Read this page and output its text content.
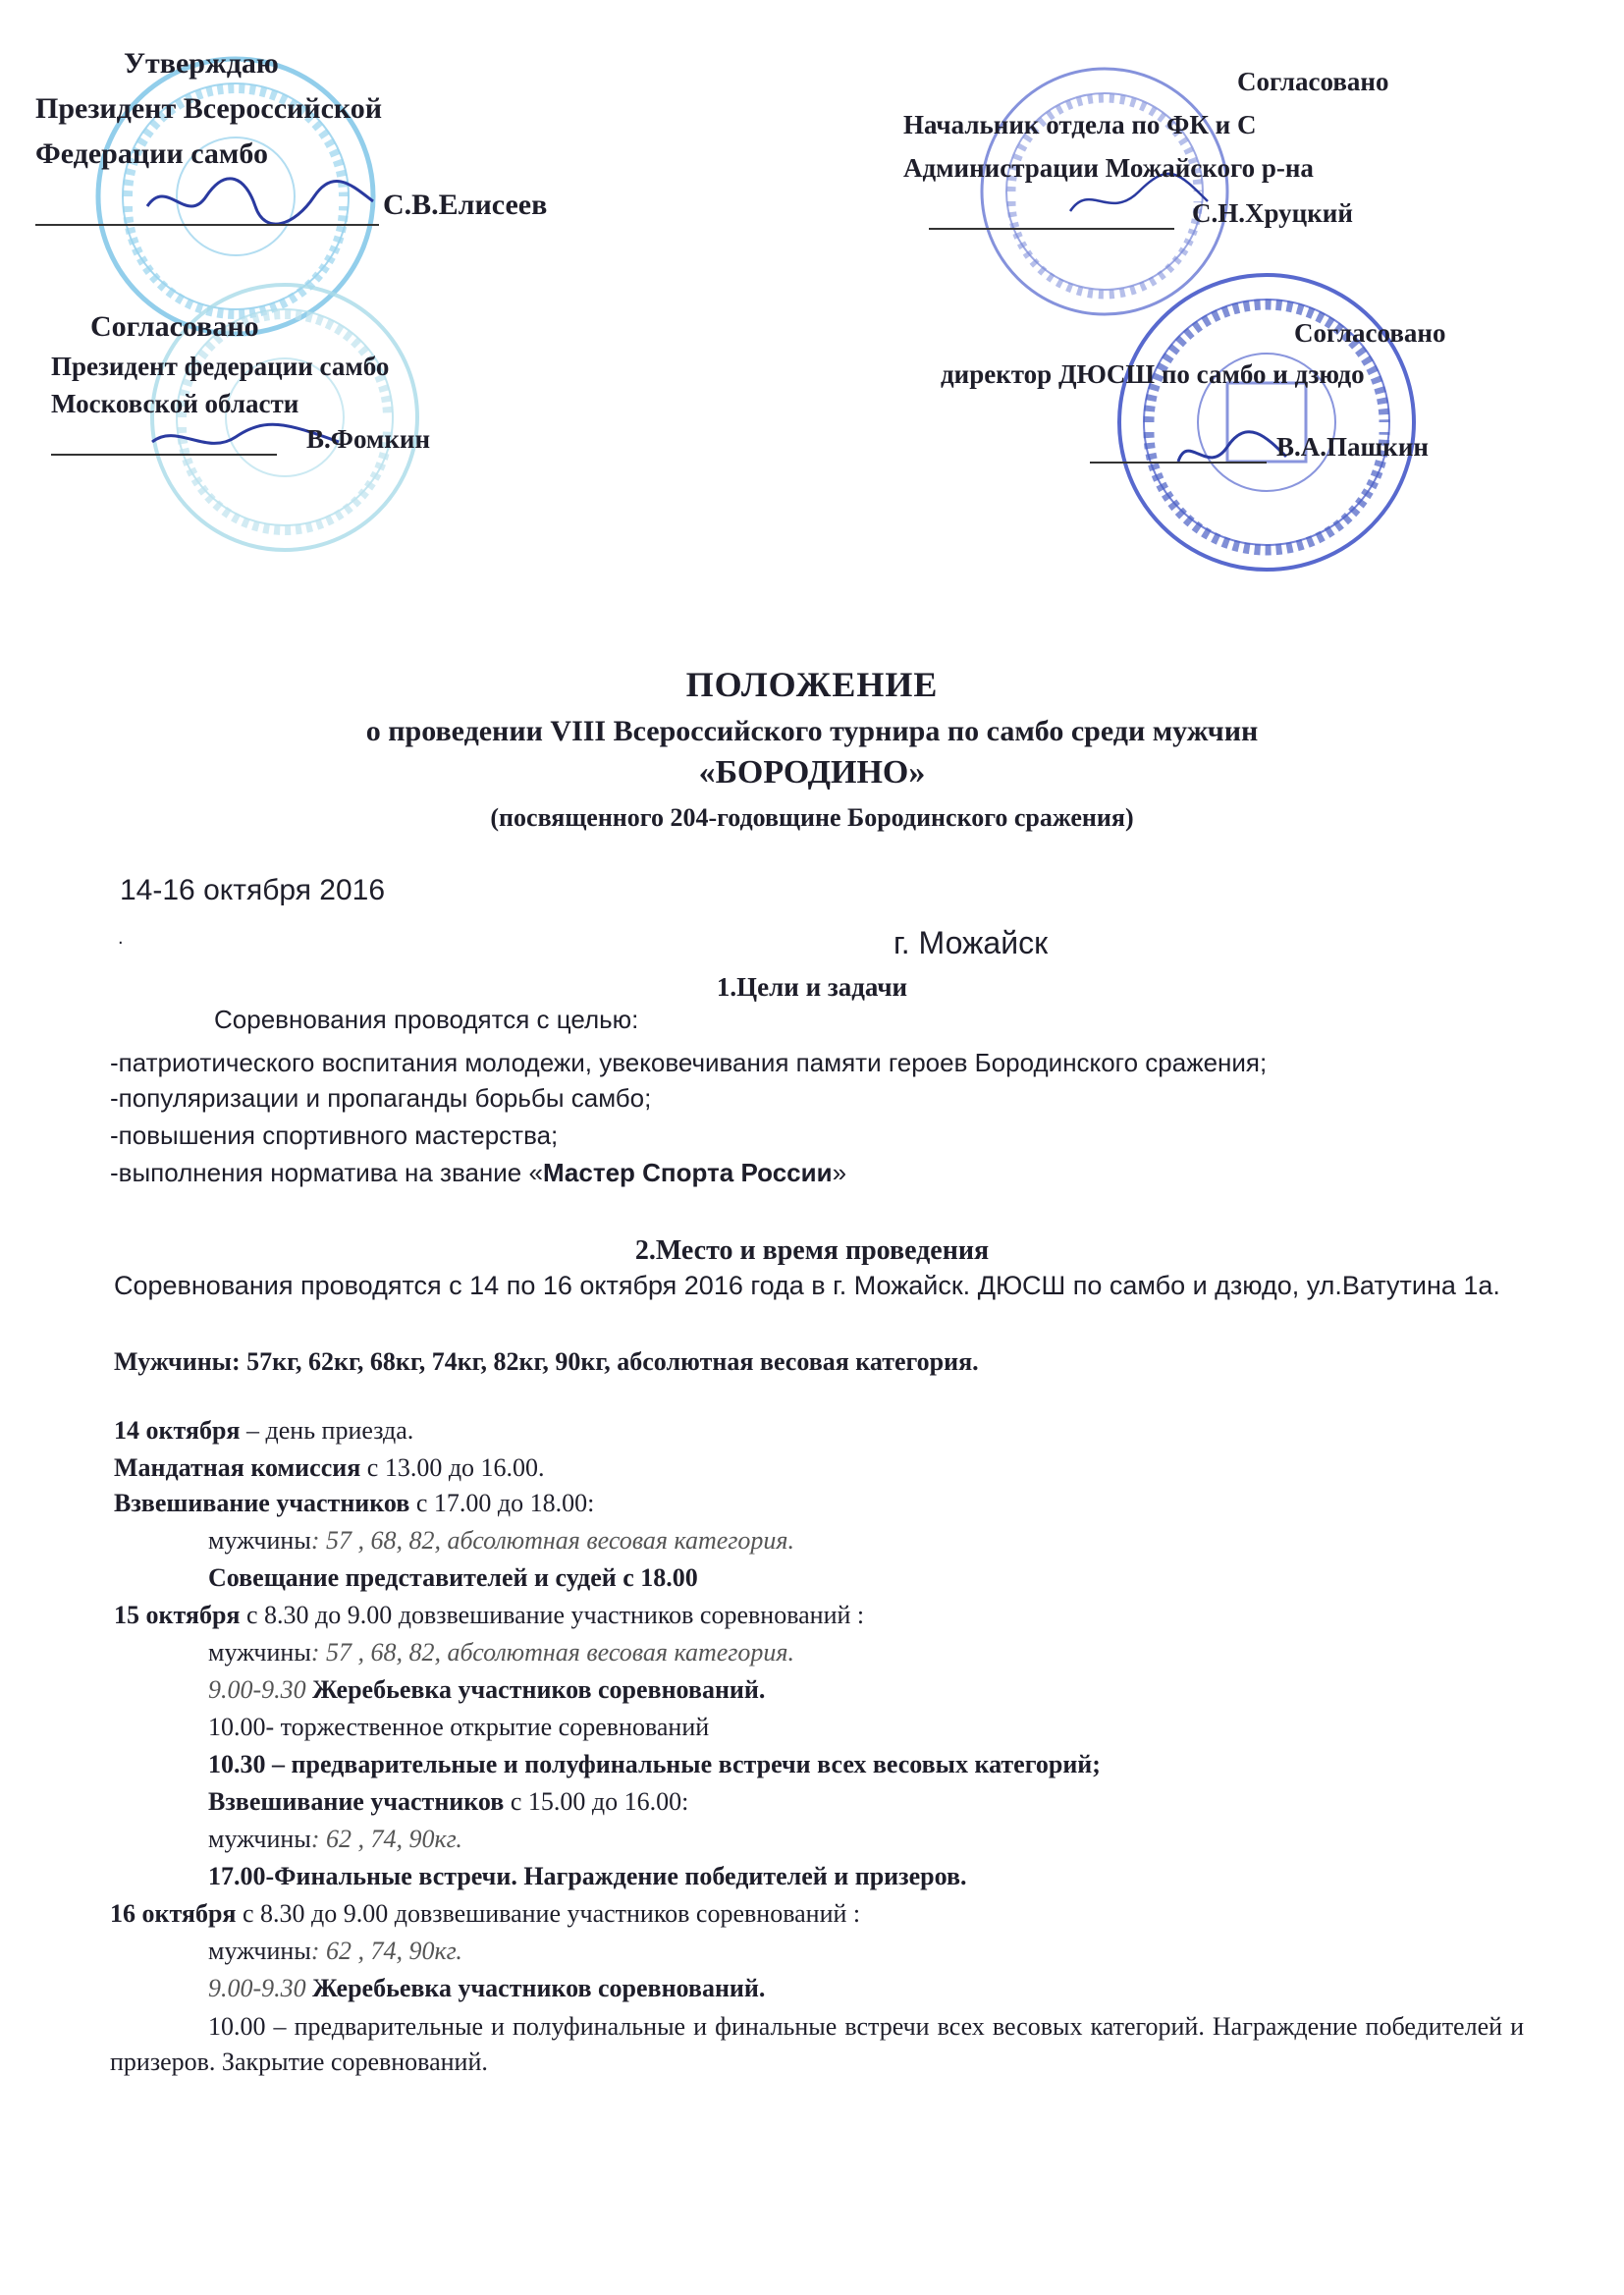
Утверждаю
Президент Всероссийской
Федерации самбо
С.В.Елисеев
Согласовано
Президент федерации самбо
Московской области
В.Фомкин
Согласовано
Начальник отдела по ФК и С
Администрации Можайского р-на
С.Н.Хруцкий
Согласовано
директор ДЮСШ по самбо и дзюдо
В.А.Пашкин
ПОЛОЖЕНИЕ
о проведении VIII Всероссийского турнира по самбо среди мужчин
«БОРОДИНО»
(посвященного 204-годовщине Бородинского сражения)
14-16 октября 2016
.	г. Можайск
1.Цели и задачи
Соревнования проводятся с целью:
-патриотического воспитания молодежи, увековечивания памяти героев Бородинского сражения;
-популяризации и пропаганды борьбы самбо;
-повышения спортивного мастерства;
-выполнения норматива на звание «Мастер Спорта России»
2.Место и время проведения
Соревнования проводятся с 14 по 16 октября 2016 года в г. Можайск. ДЮСШ по самбо и дзюдо, ул.Ватутина 1а.
Мужчины: 57кг, 62кг, 68кг, 74кг, 82кг, 90кг, абсолютная весовая категория.
14 октября – день приезда.
Мандатная комиссия с 13.00 до 16.00.
Взвешивание участников с 17.00 до 18.00:
мужчины: 57 , 68, 82, абсолютная весовая категория.
Совещание представителей и судей с 18.00
15 октября с 8.30 до 9.00 довзвешивание участников соревнований :
мужчины: 57 , 68, 82, абсолютная весовая категория.
9.00-9.30 Жеребьевка участников соревнований.
10.00- торжественное открытие соревнований
10.30 – предварительные и полуфинальные встречи всех весовых категорий;
Взвешивание участников с 15.00 до 16.00:
мужчины: 62 , 74, 90кг.
17.00-Финальные встречи. Награждение победителей и призеров.
16 октября с 8.30 до 9.00 довзвешивание участников соревнований :
мужчины: 62 , 74, 90кг.
9.00-9.30 Жеребьевка участников соревнований.
10.00 – предварительные и полуфинальные и финальные встречи всех весовых категорий. Награждение победителей и призеров. Закрытие соревнований.
